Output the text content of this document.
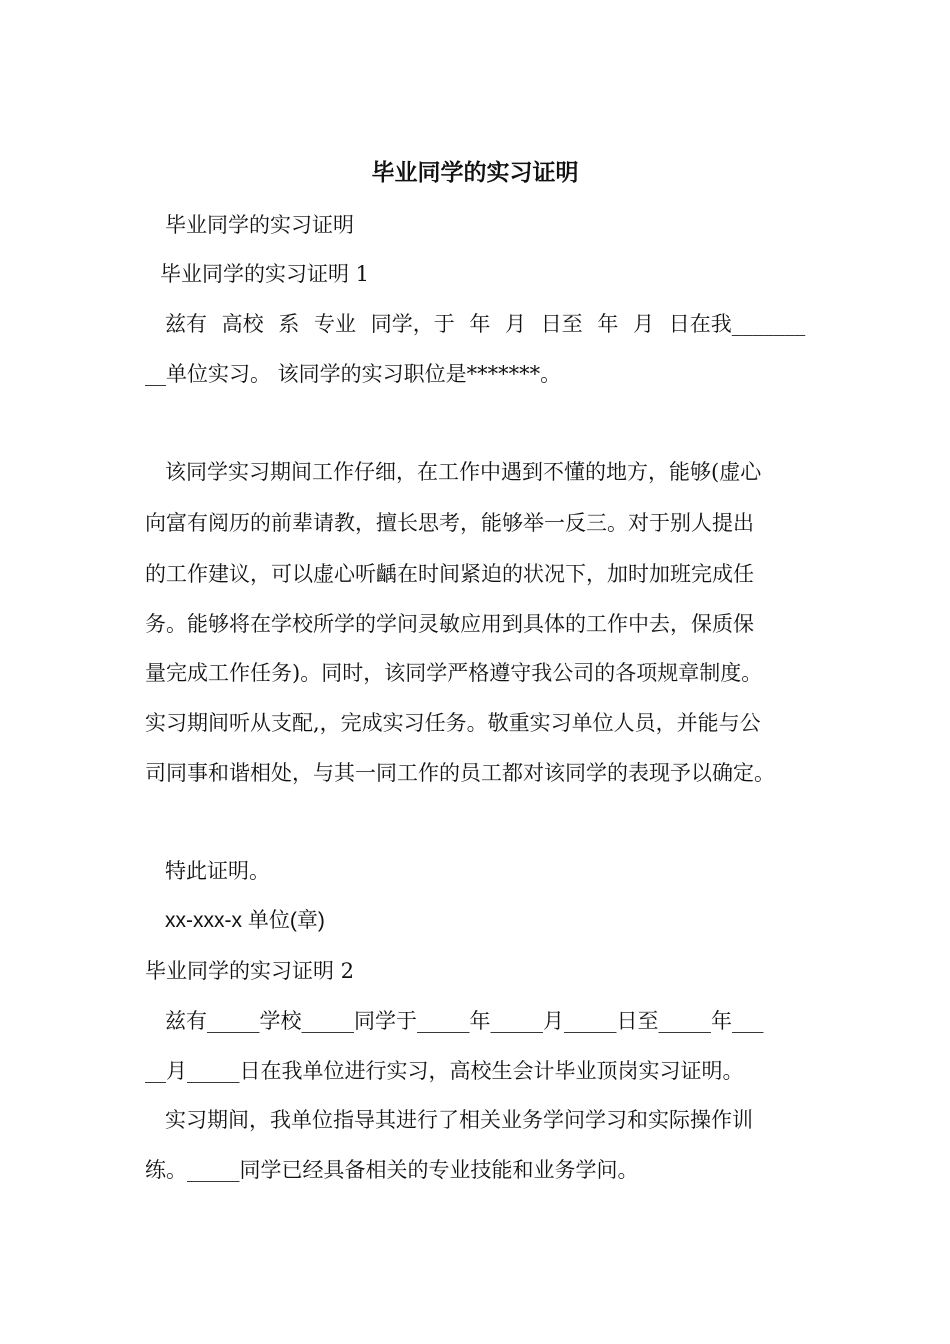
毕业同学的实习证明

毕业同学的实习证明

毕业同学的实习证明 1

兹有 高校 系 专业 同学，于 年 月 日至 年 月 日在我_______

__单位实习。 该同学的实习职位是*******。

该同学实习期间工作仔细，在工作中遇到不懂的地方，能够(虚心

向富有阅历的前辈请教，擅长思考，能够举一反三。对于别人提出

的工作建议，可以虚心听齲在时间紧迫的状况下，加时加班完成任

务。能够将在学校所学的学问灵敏应用到具体的工作中去，保质保

量完成工作任务)。同时，该同学严格遵守我公司的各项规章制度。

实习期间听从支配,，完成实习任务。敬重实习单位人员，并能与公

司同事和谐相处，与其一同工作的员工都对该同学的表现予以确定。

特此证明。

xx-xxx-x 单位(章)

毕业同学的实习证明 2

兹有_____学校_____同学于_____年_____月_____日至_____年___

__月_____日在我单位进行实习，高校生会计毕业顶岗实习证明。

实习期间，我单位指导其进行了相关业务学问学习和实际操作训

练。_____同学已经具备相关的专业技能和业务学问。
